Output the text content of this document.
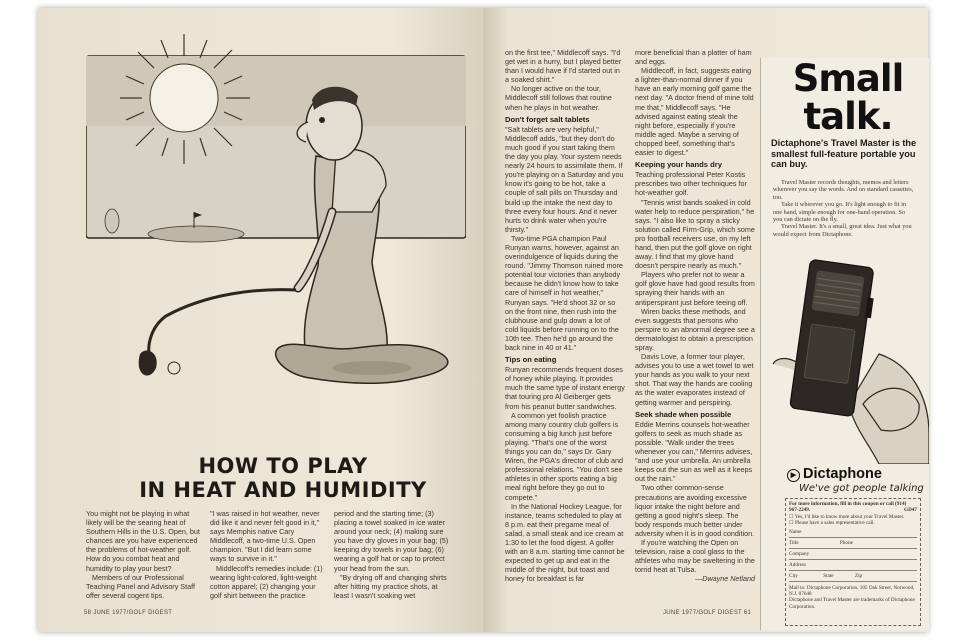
HOW TO PLAY
IN HEAT AND HUMIDITY

You might not be playing in what likely will be the searing heat of Southern Hills in the U.S. Open, but chances are you have experienced the problems of hot-weather golf. How do you combat heat and humidity to play your best?

Members of our Professional Teaching Panel and Advisory Staff offer several cogent tips.

"I was raised in hot weather, never did like it and never felt good in it," says Memphis native Cary Middlecoff, a two-time U.S. Open champion. "But I did learn some ways to survive in it."

Middlecoff's remedies include: (1) wearing light-colored, light-weight cotton apparel; (2) changing your golf shirt between the practice

period and the starting time; (3) placing a towel soaked in ice water around your neck; (4) making sure you have dry gloves in your bag; (5) keeping dry towels in your bag; (6) wearing a golf hat or cap to protect your head from the sun.

"By drying off and changing shirts after hitting my practice shots, at least I wasn't soaking wet

58 JUNE 1977/GOLF DIGEST

on the first tee," Middlecoff says. "I'd get wet in a hurry, but I played better than I would have if I'd started out in a soaked shirt."

No longer active on the tour, Middlecoff still follows that routine when he plays in hot weather.

Don't forget salt tablets

"Salt tablets are very helpful," Middlecoff adds, "but they don't do much good if you start taking them the day you play. Your system needs nearly 24 hours to assimilate them. If you're playing on a Saturday and you know it's going to be hot, take a couple of salt pills on Thursday and build up the intake the next day to three every four hours. And it never hurts to drink water when you're thirsty."

Two-time PGA champion Paul Runyan warns, however, against an overindulgence of liquids during the round. "Jimmy Thomson ruined more potential tour victories than anybody because he didn't know how to take care of himself in hot weather," Runyan says. "He'd shoot 32 or so on the front nine, then rush into the clubhouse and gulp down a lot of cold liquids before running on to the 10th tee. Then he'd go around the back nine in 40 or 41."

Tips on eating

Runyan recommends frequent doses of honey while playing. It provides much the same type of instant energy that touring pro Al Geiberger gets from his peanut butter sandwiches.

A common yet foolish practice among many country club golfers is consuming a big lunch just before playing. "That's one of the worst things you can do," says Dr. Gary Wiren, the PGA's director of club and professional relations. "You don't see athletes in other sports eating a big meal right before they go out to compete."

In the National Hockey League, for instance, teams scheduled to play at 8 p.m. eat their pregame meal of salad, a small steak and ice cream at 1:30 to let the food digest. A golfer with an 8 a.m. starting time cannot be expected to get up and eat in the middle of the night, but toast and honey for breakfast is far

more beneficial than a platter of ham and eggs.

Middlecoff, in fact, suggests eating a lighter-than-normal dinner if you have an early morning golf game the next day. "A doctor friend of mine told me that," Middlecoff says. "He advised against eating steak the night before, especially if you're middle aged. Maybe a serving of chopped beef, something that's easier to digest."

Keeping your hands dry

Teaching professional Peter Kostis prescribes two other techniques for hot-weather golf.

"Tennis wrist bands soaked in cold water help to reduce perspiration," he says. "I also like to spray a sticky solution called Firm-Grip, which some pro football receivers use, on my left hand, then put the golf glove on right away. I find that my glove hand doesn't perspire nearly as much."

Players who prefer not to wear a golf glove have had good results from spraying their hands with an antiperspirant just before teeing off.

Wiren backs these methods, and even suggests that persons who perspire to an abnormal degree see a dermatologist to obtain a prescription spray.

Davis Love, a former tour player, advises you to use a wet towel to wet your hands as you walk to your next shot. That way the hands are cooling as the water evaporates instead of getting warmer and perspiring.

Seek shade when possible

Eddie Merrins counsels hot-weather golfers to seek as much shade as possible. "Walk under the trees whenever you can," Merrins advises, "and use your umbrella. An umbrella keeps out the sun as well as it keeps out the rain."

Two other common-sense precautions are avoiding excessive liquor intake the night before and getting a good night's sleep. The body responds much better under adversity when it is in good condition.

If you're watching the Open on television, raise a cool glass to the athletes who may be sweltering in the torrid heat at Tulsa.

—Dwayne Netland

JUNE 1977/GOLF DIGEST 61
Small
talk.
Dictaphone's Travel Master is the smallest full-feature portable you can buy.

Travel Master records thoughts, memos and letters wherever you say the words. And on standard cassettes, too.

Take it wherever you go. It's light enough to fit in one hand, simple enough for one-hand operation. So you can dictate on the fly.

Travel Master. It's a small, great idea. Just what you would expect from Dictaphone.

▶ Dictaphone
We've got people talking
For more information, fill in this coupon or call (914) 967-2249.	GD47
☐ Yes, I'd like to know more about your Travel Master.
☐ Please have a sales representative call.
Name
Title	Phone
Company
Address
City	State	Zip
Mail to: Dictaphone Corporation, 105 Oak Street, Norwood, N.J. 07648
Dictaphone and Travel Master are trademarks of Dictaphone Corporation.
